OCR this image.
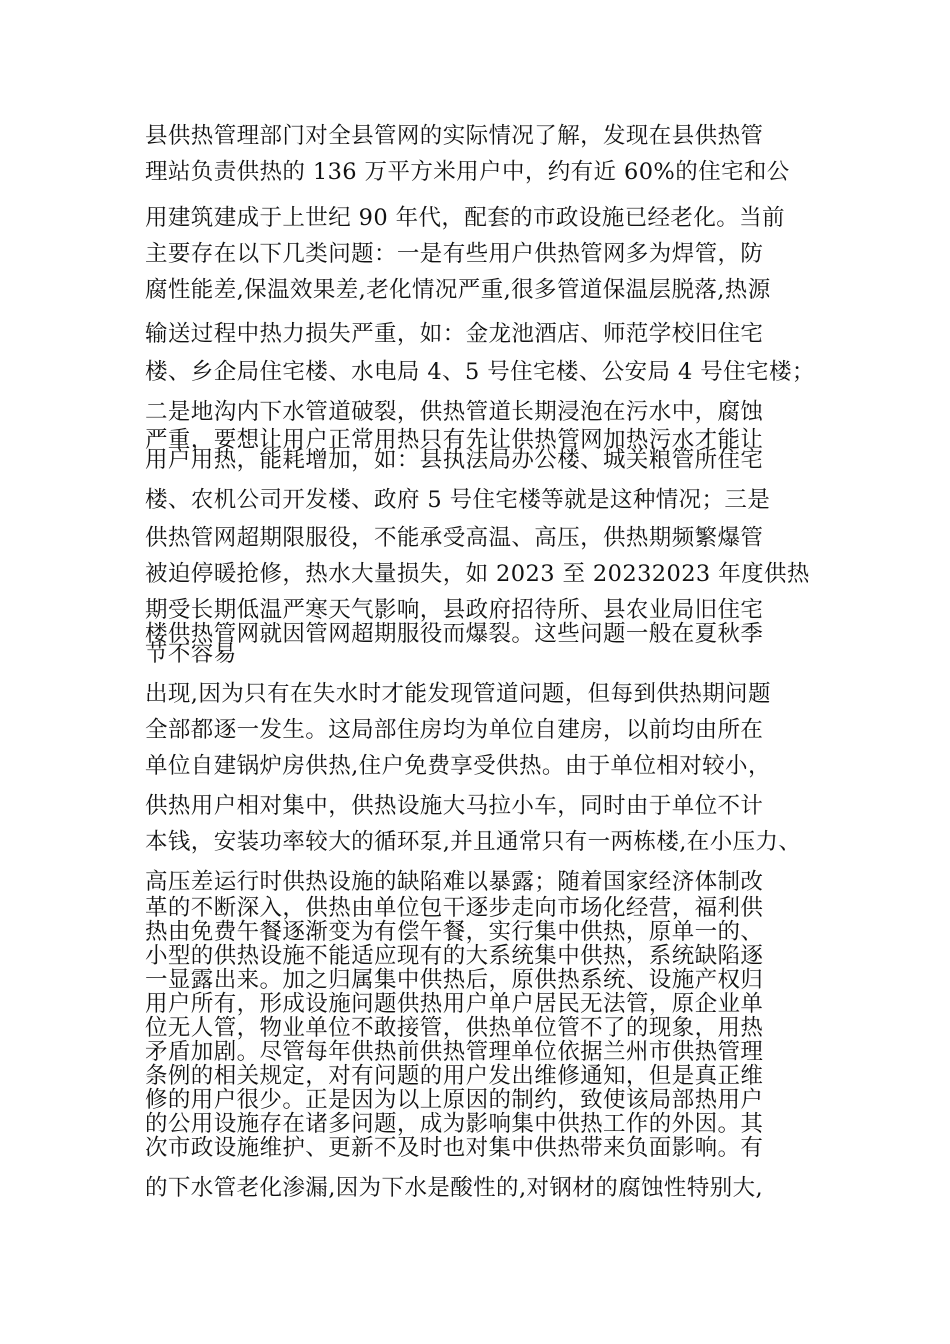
县供热管理部门对全县管网的实际情况了解，发现在县供热管
理站负责供热的 136 万平方米用户中，约有近 60%的住宅和公
用建筑建成于上世纪 90 年代，配套的市政设施已经老化。当前
主要存在以下几类问题：一是有些用户供热管网多为焊管，防
腐性能差,保温效果差,老化情况严重,很多管道保温层脱落,热源
输送过程中热力损失严重，如：金龙池酒店、师范学校旧住宅
楼、乡企局住宅楼、水电局 4、5 号住宅楼、公安局 4 号住宅楼；
二是地沟内下水管道破裂，供热管道长期浸泡在污水中，腐蚀
严重，要想让用户正常用热只有先让供热管网加热污水才能让
用户用热，能耗增加，如：县执法局办公楼、城关粮管所住宅
楼、农机公司开发楼、政府 5 号住宅楼等就是这种情况；三是
供热管网超期限服役，不能承受高温、高压，供热期频繁爆管
被迫停暖抢修，热水大量损失，如 2023 至 20232023 年度供热
期受长期低温严寒天气影响，县政府招待所、县农业局旧住宅
楼供热管网就因管网超期服役而爆裂。这些问题一般在夏秋季
节不容易
出现,因为只有在失水时才能发现管道问题，但每到供热期问题
全部都逐一发生。这局部住房均为单位自建房，以前均由所在
单位自建锅炉房供热,住户免费享受供热。由于单位相对较小，
供热用户相对集中，供热设施大马拉小车，同时由于单位不计
本钱，安装功率较大的循环泵,并且通常只有一两栋楼,在小压力、
高压差运行时供热设施的缺陷难以暴露；随着国家经济体制改
革的不断深入，供热由单位包干逐步走向市场化经营，福利供
热由免费午餐逐渐变为有偿午餐，实行集中供热，原单一的、
小型的供热设施不能适应现有的大系统集中供热，系统缺陷逐
一显露出来。加之归属集中供热后，原供热系统、设施产权归
用户所有，形成设施问题供热用户单户居民无法管，原企业单
位无人管，物业单位不敢接管，供热单位管不了的现象，用热
矛盾加剧。尽管每年供热前供热管理单位依据兰州市供热管理
条例的相关规定，对有问题的用户发出维修通知，但是真正维
修的用户很少。正是因为以上原因的制约，致使该局部热用户
的公用设施存在诸多问题，成为影响集中供热工作的外因。其
次市政设施维护、更新不及时也对集中供热带来负面影响。有
的下水管老化渗漏,因为下水是酸性的,对钢材的腐蚀性特别大,
